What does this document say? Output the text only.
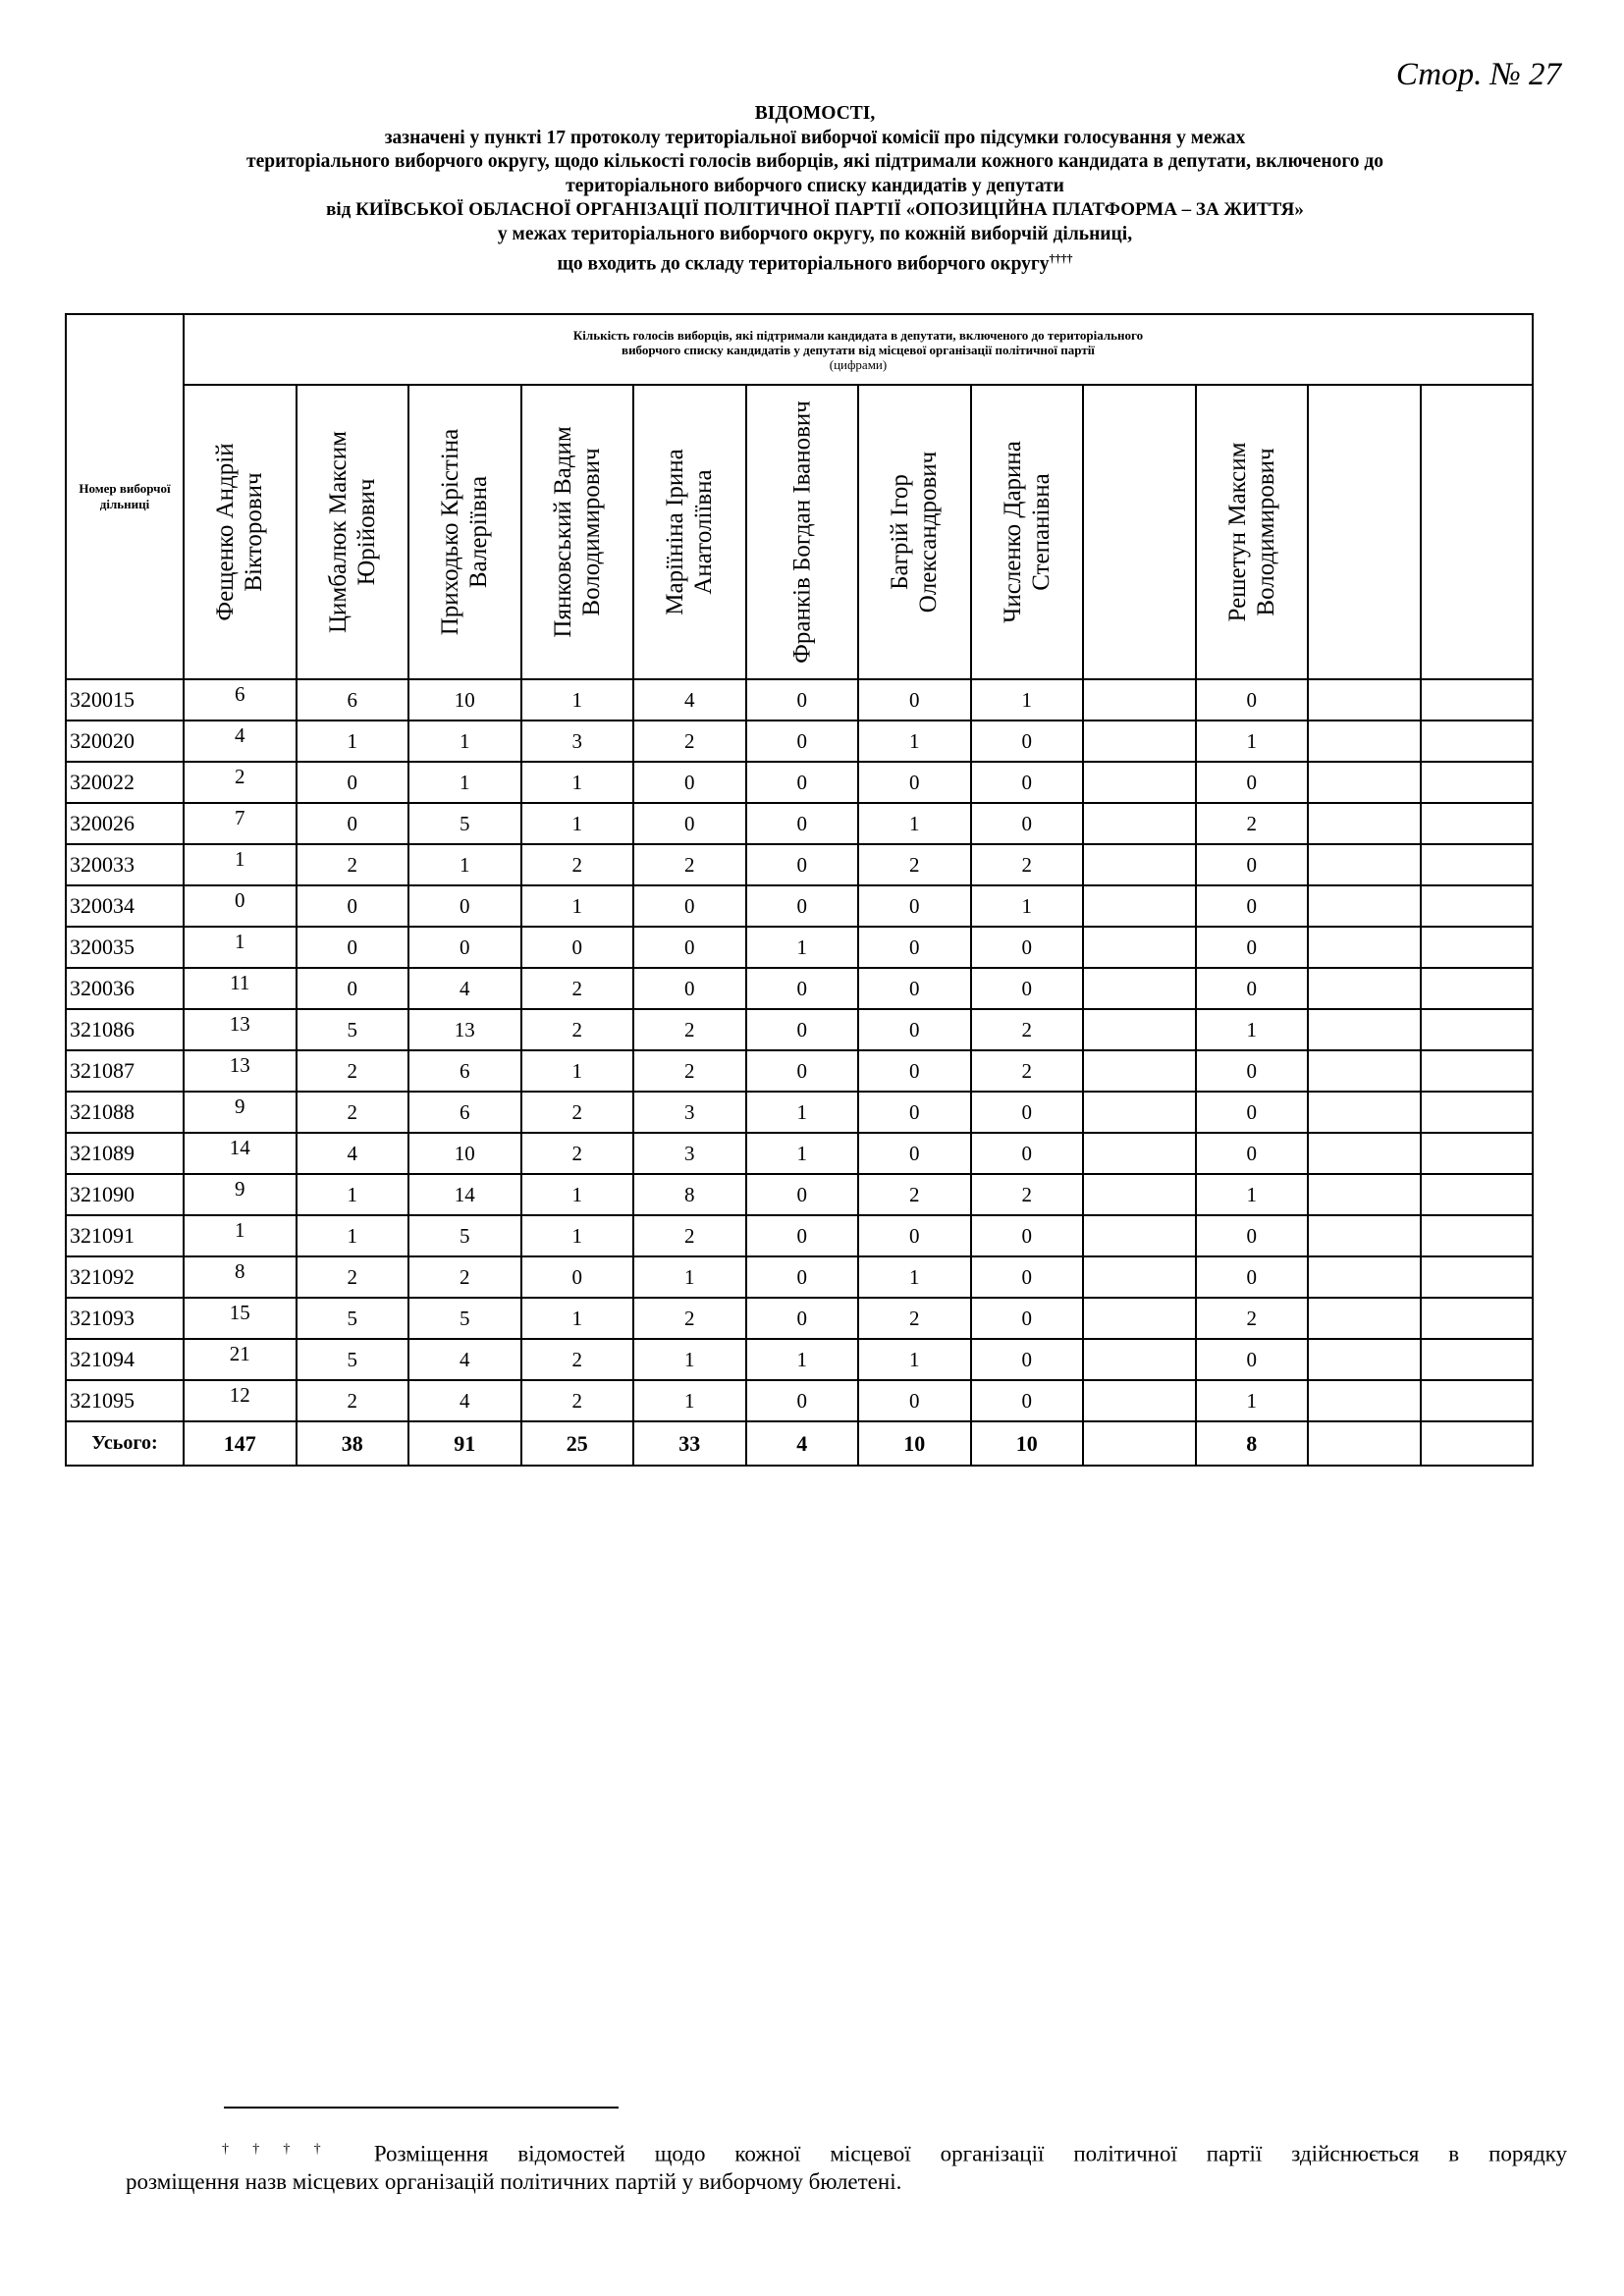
Стор. № 27
ВІДОМОСТІ,
зазначені у пункті 17 протоколу територіальної виборчої комісії про підсумки голосування у межах
територіального виборчого округу, щодо кількості голосів виборців, які підтримали кожного кандидата в депутати, включеного до
територіального виборчого списку кандидатів у депутати
від КИЇВСЬКОЇ ОБЛАСНОЇ ОРГАНІЗАЦІЇ ПОЛІТИЧНОЇ ПАРТІЇ «ОПОЗИЦІЙНА ПЛАТФОРМА – ЗА ЖИТТЯ»
у межах територіального виборчого округу, по кожній виборчій дільниці,
що входить до складу територіального виборчого округу††††
Номер виборчої дільниці	Кількість голосів виборців, які підтримали кандидата в депутати, включеного до територіального
виборчого списку кандидатів у депутати від місцевої організації політичної партії
(цифрами)											

	Фещенко Андрій Вікторович	Цимбалюк Максим Юрійович	Приходько Крістіна Валеріївна	Пянковський Вадим Володимирович	Маріїніна Ірина Анатоліївна	Франків Богдан Іванович	Багрій Ігор Олександрович	Численко Дарина Степанівна		Решетун Максим Володимирович		

320015	6	6	10	1	4	0	0	1		0		
320020	4	1	1	3	2	0	1	0		1		
320022	2	0	1	1	0	0	0	0		0		
320026	7	0	5	1	0	0	1	0		2		
320033	1	2	1	2	2	0	2	2		0		
320034	0	0	0	1	0	0	0	1		0		
320035	1	0	0	0	0	1	0	0		0		
320036	11	0	4	2	0	0	0	0		0		
321086	13	5	13	2	2	0	0	2		1		
321087	13	2	6	1	2	0	0	2		0		
321088	9	2	6	2	3	1	0	0		0		
321089	14	4	10	2	3	1	0	0		0		
321090	9	1	14	1	8	0	2	2		1		
321091	1	1	5	1	2	0	0	0		0		
321092	8	2	2	0	1	0	1	0		0		
321093	15	5	5	1	2	0	2	0		2		
321094	21	5	4	2	1	1	1	0		0		
321095	12	2	4	2	1	0	0	0		1		
Усього:	147	38	91	25	33	4	10	10		8		
†††† Розміщення відомостей щодо кожної місцевої організації політичної партії здійснюється в порядку
розміщення назв місцевих організацій політичних партій у виборчому бюлетені.
